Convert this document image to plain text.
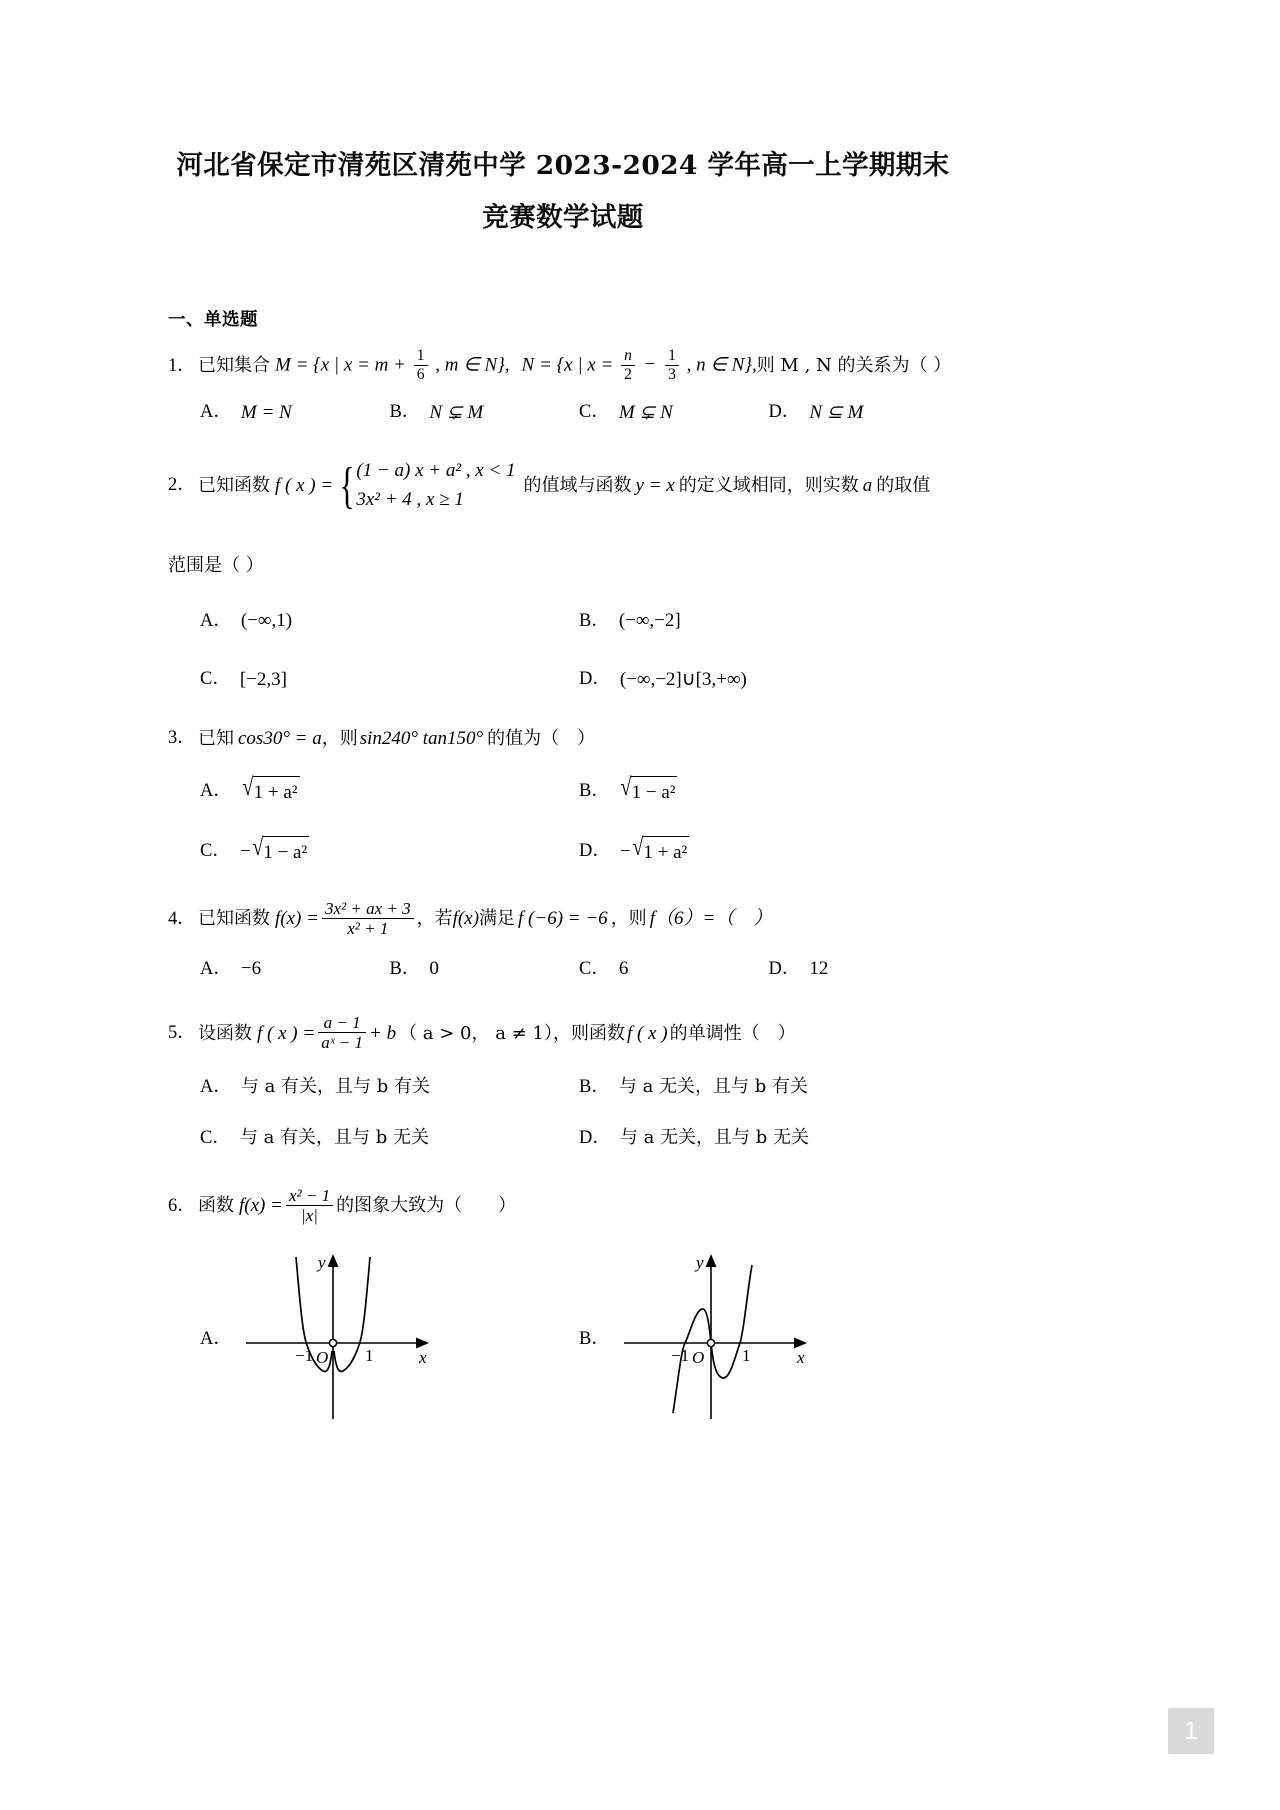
河北省保定市清苑区清苑中学 2023-2024 学年高一上学期期末
竞赛数学试题
一、单选题
1． 已知集合 M = {x | $x = m + \frac{1}{6}$ , m ∈ N}, N = {x | $x = \frac{n}{2} - \frac{1}{3}$ , n ∈ N}, 则 M , N 的关系为（ ）
A． M = N	B． N ⊊ M	C． M ⊊ N	D． N ⊆ M
2． 已知函数 f ( x ) = { (1 − a) x + a² , x < 1
3x² + 4 , x ≥ 1
的值域与函数 y = x 的定义域相同，则实数 a 的取值
范围是（ ）
A． (−∞,1)	B． (−∞,−2]
C． [−2,3]	D． (−∞,−2]∪[3,+∞)
3． 已知 cos30° = a ，则 sin240° tan150° 的值为（　）
A． √ 1 + a²	B． √ 1 − a²
C． − √ 1 − a²	D． − √ 1 + a²
4． 已知函数 $f(x) = \frac{\text{3x² + ax + 3}}{\text{x² + 1}}$ ，若 f(x) 满足 f (−6) = −6 ，则 f（6）=（　）
A． −6	B． 0	C． 6	D． 12
5． 设函数 f ( x ) = $\frac{a - 1}{\text{aˣ − 1}} + b$ （ a > 0， a ≠ 1）， 则函数 f ( x ) 的单调性（　）
A． 与 a 有关，且与 b 有关	B． 与 a 无关，且与 b 有关
C． 与 a 有关，且与 b 无关	D． 与 a 无关，且与 b 无关
6． 函数 $f(x) = \frac{\text{x² − 1}}{|x|}$ 的图象大致为（　　）
A．
−1 O 1	x
y
B．
−1 O 1	x
y
1
